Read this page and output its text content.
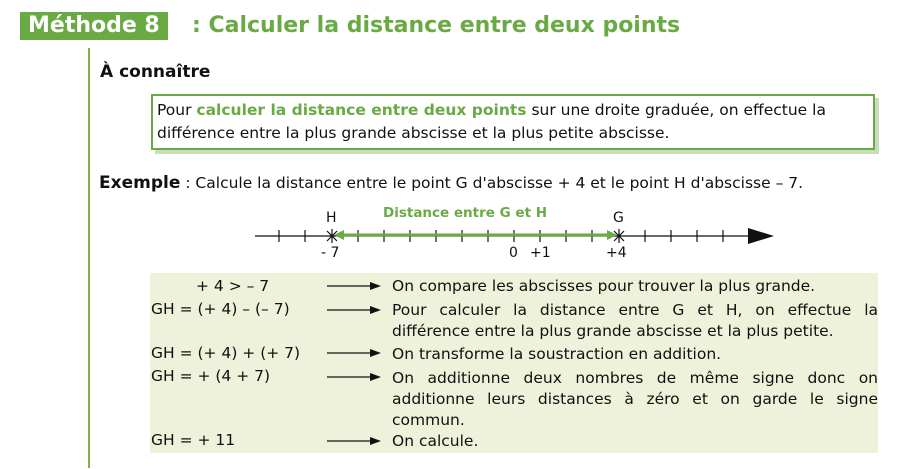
Méthode 8	: Calculer la distance entre deux points
À connaître
Pour calculer la distance entre deux points sur une droite graduée, on effectue la différence entre la plus grande abscisse et la plus petite abscisse.
Exemple : Calcule la distance entre le point G d'abscisse + 4 et le point H d'abscisse – 7.
H	G
Distance entre G et H
- 7	0 +1	+4
+ 4 > – 7	On compare les abscisses pour trouver la plus grande.
GH = (+ 4) – (– 7)	Pour calculer la distance entre G et H, on effectue la différence entre la plus grande abscisse et la plus petite.
GH = (+ 4) + (+ 7)	On transforme la soustraction en addition.
GH = + (4 + 7)	On additionne deux nombres de même signe donc on additionne leurs distances à zéro et on garde le signe commun.
GH = + 11	On calcule.
